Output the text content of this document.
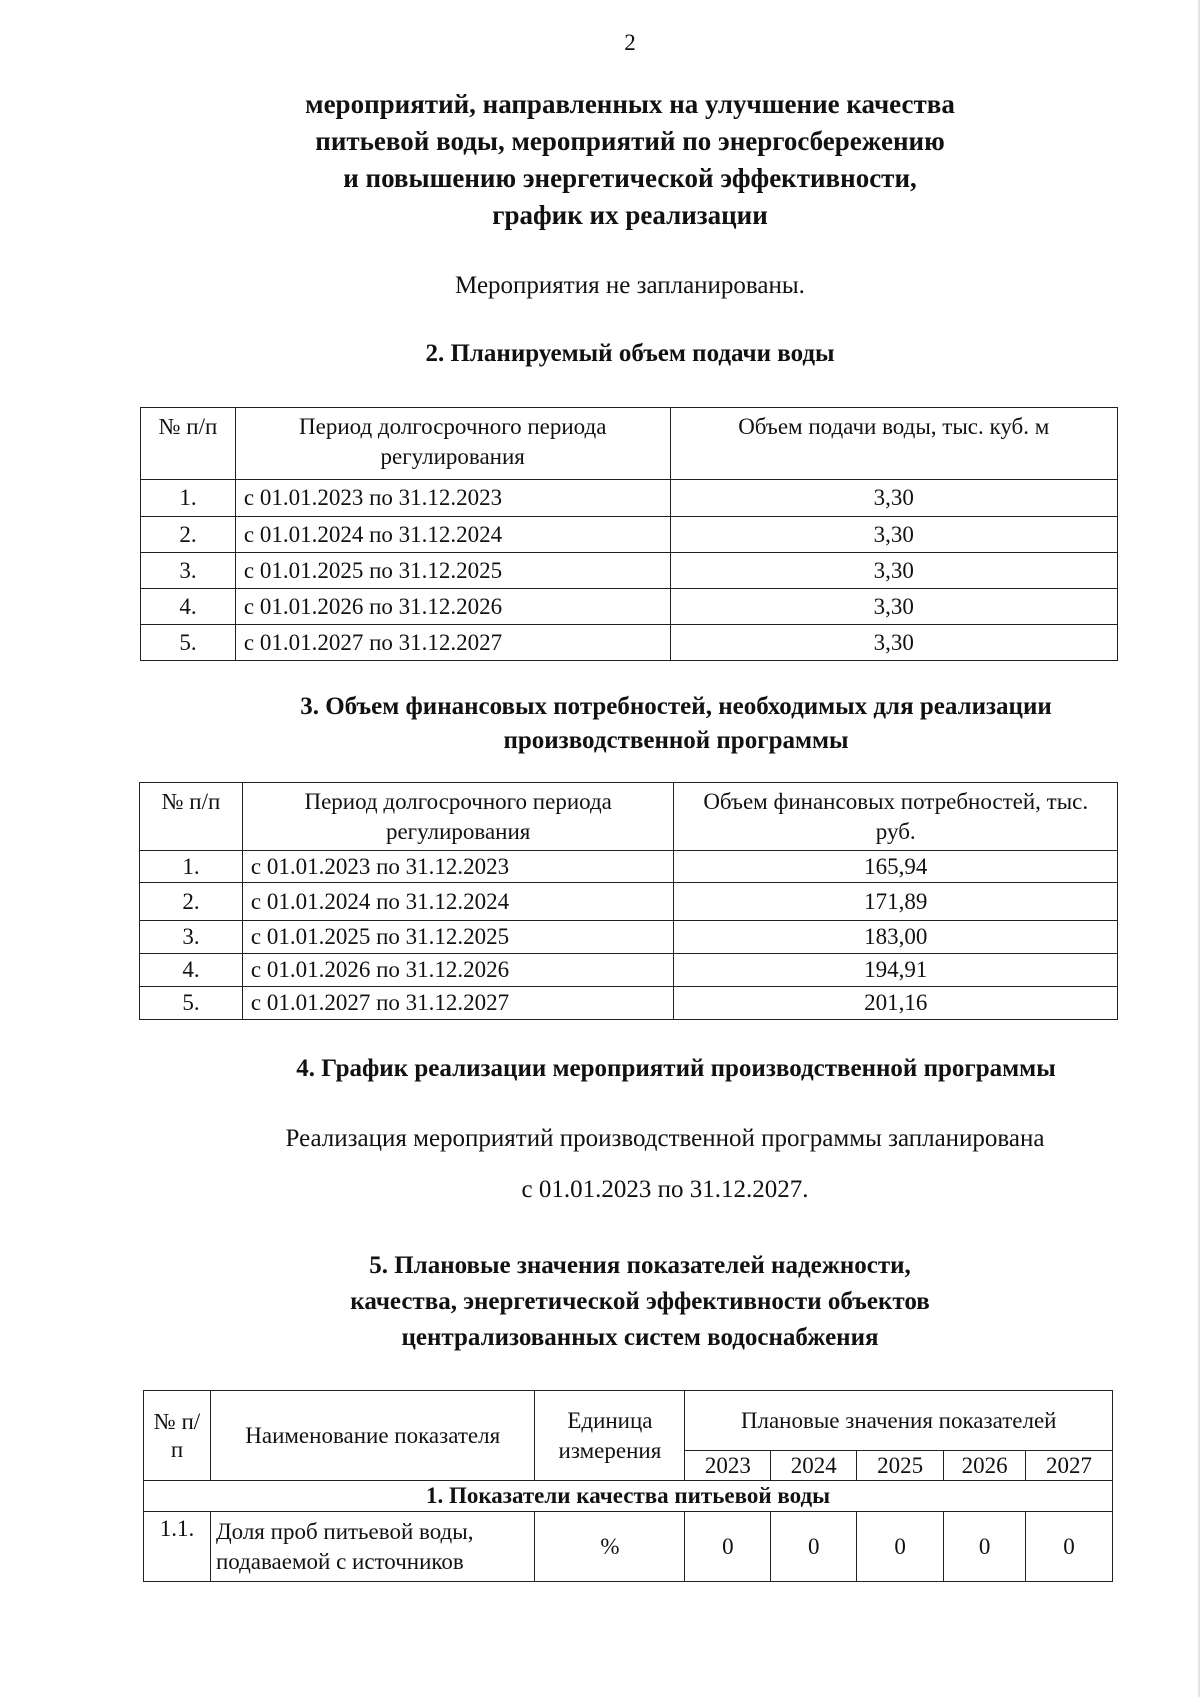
2
мероприятий, направленных на улучшение качества
питьевой воды, мероприятий по энергосбережению
и повышению энергетической эффективности,
график их реализации
Мероприятия не запланированы.
2. Планируемый объем подачи воды
№ п/п	Период долгосрочного периода регулирования	Объем подачи воды, тыс. куб. м
1.	с 01.01.2023 по 31.12.2023	3,30
2.	с 01.01.2024 по 31.12.2024	3,30
3.	с 01.01.2025 по 31.12.2025	3,30
4.	с 01.01.2026 по 31.12.2026	3,30
5.	с 01.01.2027 по 31.12.2027	3,30
3. Объем финансовых потребностей, необходимых для реализации
производственной программы
№ п/п	Период долгосрочного периода регулирования	Объем финансовых потребностей, тыс. руб.
1.	с 01.01.2023 по 31.12.2023	165,94
2.	с 01.01.2024 по 31.12.2024	171,89
3.	с 01.01.2025 по 31.12.2025	183,00
4.	с 01.01.2026 по 31.12.2026	194,91
5.	с 01.01.2027 по 31.12.2027	201,16
4. График реализации мероприятий производственной программы
Реализация мероприятий производственной программы запланирована
с 01.01.2023 по 31.12.2027.
5. Плановые значения показателей надежности,
качества, энергетической эффективности объектов
централизованных систем водоснабжения
№ п/п	Наименование показателя	Единица измерения	Плановые значения показателей				
			2023	2024	2025	2026	2027
1. Показатели качества питьевой воды							
1.1.	Доля проб питьевой воды, подаваемой с источников	%	0	0	0	0	0
